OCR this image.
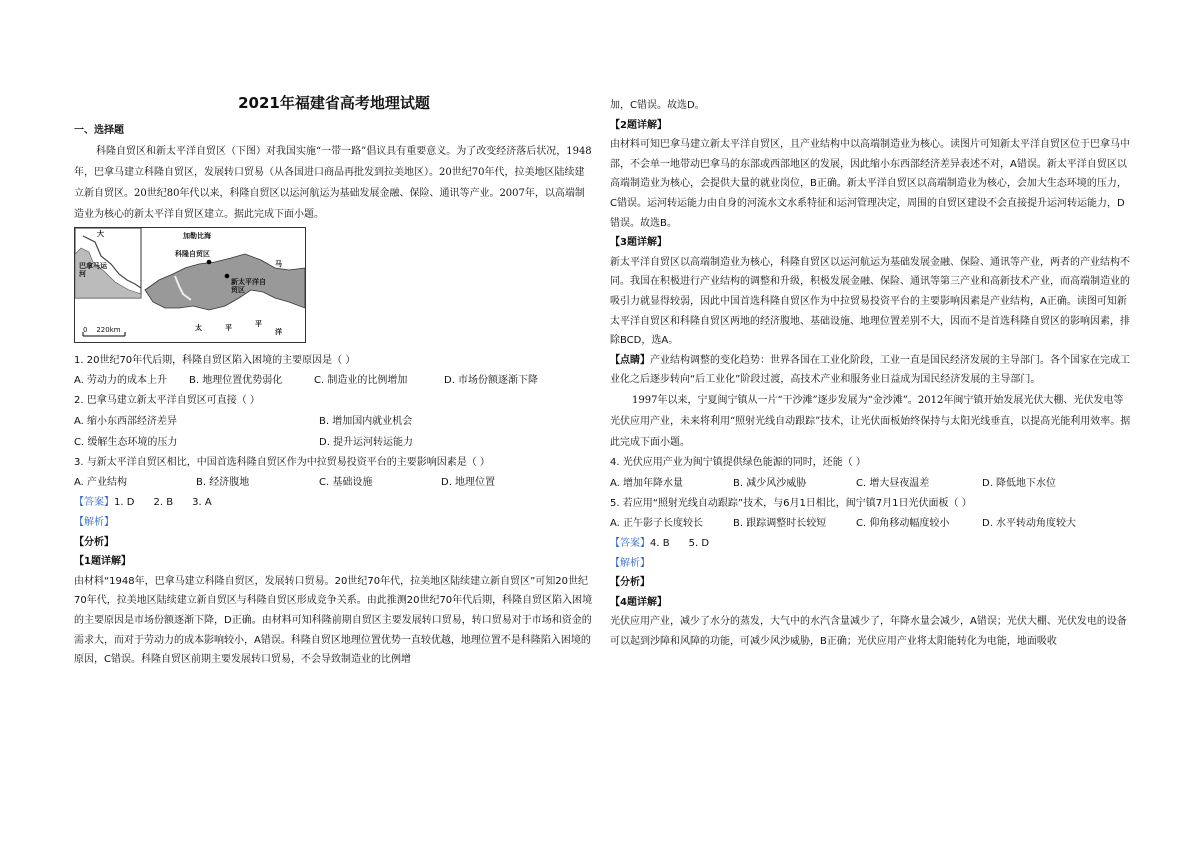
2021年福建省高考地理试题

一、选择题

科隆自贸区和新太平洋自贸区（下图）对我国实施“一带一路”倡议具有重要意义。为了改变经济落后状况，1948年，巴拿马建立科隆自贸区，发展转口贸易（从各国进口商品再批发到拉美地区）。20世纪70年代，拉美地区陆续建立新自贸区。20世纪80年代以来，科隆自贸区以运河航运为基础发展金融、保险、通讯等产业。2007年，以高端制造业为核心的新太平洋自贸区建立。据此完成下面小题。

加勒比海
科隆自贸区
新太平洋自贸区
大
巴拿马运河
马
太	平
洋
平
0    220km

1. 20世纪70年代后期，科隆自贸区陷入困境的主要原因是（ ）

A. 劳动力的成本上升	B. 地理位置优势弱化	C. 制造业的比例增加	D. 市场份额逐渐下降

2. 巴拿马建立新太平洋自贸区可直接（ ）

A. 缩小东西部经济差异	B. 增加国内就业机会
C. 缓解生态环境的压力	D. 提升运河转运能力

3. 与新太平洋自贸区相比，中国首选科隆自贸区作为中拉贸易投资平台的主要影响因素是（ ）

A. 产业结构	B. 经济腹地	C. 基础设施	D. 地理位置

【答案】1. D      2. B      3. A

【解析】

【分析】

【1题详解】

由材料“1948年，巴拿马建立科隆自贸区，发展转口贸易。20世纪70年代，拉美地区陆续建立新自贸区”可知20世纪70年代，拉美地区陆续建立新自贸区与科隆自贸区形成竞争关系。由此推测20世纪70年代后期，科隆自贸区陷入困境的主要原因是市场份额逐渐下降，D正确。由材料可知科隆前期自贸区主要发展转口贸易，转口贸易对于市场和资金的需求大，而对于劳动力的成本影响较小，A错误。科隆自贸区地理位置优势一直较优越，地理位置不是科隆陷入困境的原因，C错误。科隆自贸区前期主要发展转口贸易，不会导致制造业的比例增

加，C错误。故选D。

【2题详解】

由材料可知巴拿马建立新太平洋自贸区，且产业结构中以高端制造业为核心。读图片可知新太平洋自贸区位于巴拿马中部，不会单一地带动巴拿马的东部或西部地区的发展，因此缩小东西部经济差异表述不对，A错误。新太平洋自贸区以高端制造业为核心，会提供大量的就业岗位，B正确。新太平洋自贸区以高端制造业为核心，会加大生态环境的压力，C错误。运河转运能力由自身的河流水文水系特征和运河管理决定，周围的自贸区建设不会直接提升运河转运能力，D错误。故选B。

【3题详解】

新太平洋自贸区以高端制造业为核心，科隆自贸区以运河航运为基础发展金融、保险、通讯等产业，两者的产业结构不同。我国在积极进行产业结构的调整和升级，积极发展金融、保险、通讯等第三产业和高新技术产业，而高端制造业的吸引力就显得较弱，因此中国首选科隆自贸区作为中拉贸易投资平台的主要影响因素是产业结构，A正确。读图可知新太平洋自贸区和科隆自贸区两地的经济腹地、基础设施、地理位置差别不大，因而不是首选科隆自贸区的影响因素，排除BCD，选A。

【点睛】产业结构调整的变化趋势：世界各国在工业化阶段，工业一直是国民经济发展的主导部门。各个国家在完成工业化之后逐步转向“后工业化”阶段过渡，高技术产业和服务业日益成为国民经济发展的主导部门。

1997年以来，宁夏闽宁镇从一片“干沙滩”逐步发展为“金沙滩”。2012年闽宁镇开始发展光伏大棚、光伏发电等光伏应用产业，未来将利用“照射光线自动跟踪”技术，让光伏面板始终保持与太阳光线垂直，以提高光能利用效率。据此完成下面小题。

4. 光伏应用产业为闽宁镇提供绿色能源的同时，还能（ ）

A. 增加年降水量	B. 减少风沙威胁	C. 增大昼夜温差	D. 降低地下水位

5. 若应用“照射光线自动跟踪”技术，与6月1日相比，闽宁镇7月1日光伏面板（ ）

A. 正午影子长度较长	B. 跟踪调整时长较短	C. 仰角移动幅度较小	D. 水平转动角度较大

【答案】4. B      5. D

【解析】

【分析】

【4题详解】

光伏应用产业，减少了水分的蒸发，大气中的水汽含量减少了，年降水量会减少，A错误；光伏大棚、光伏发电的设备可以起到沙障和风障的功能，可减少风沙威胁，B正确；光伏应用产业将太阳能转化为电能，地面吸收
